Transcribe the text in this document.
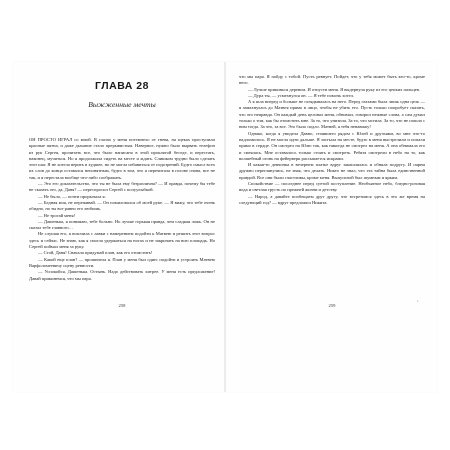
ГЛАВА 28
Выжженные мечты

ОН ПРОСТО ИГРАЛ со мной. В глазах у меня потемнело от гнева, на щеках проступили красные пятна, и даже дыхание стало прерывистым. Наверное, нужно было вырвать телефон из рук Сергея, прочитать все, что было написано в этой проклятой беседе, и перестать, наконец, мучиться. Но я продолжила сидеть на месте и ждать. Слишком трудно было сделать этот шаг. Я не хотела верить в худшее, но не могла избавиться от подозрений. Будто смысл всех их слов до конца оставался непонятным, будто в том, что я перечитала в голове снова, все не так, и я перестала вообще что-либо соображать.

— Это его доказательство, что ты не была ему безразлична? — И правда, почему бы тебе не сказать это, да, Даня? — переспросил Сергей с полуулыбкой.

— Не было, — почти прорычала я.

— Бедная моя, не переживай. — Он помиловался об моей руке. — Я вижу, что тебе очень обидно, но ты все равно его любишь.

— Не трогай меня!

— Дашенька, я понимаю, тебе больно. Но лучше горькая правда, чем сладкая ложь. Он не сказал тебе главного…

Не слушая его, я вскочила с лавки с намерением подойти к Матвею и решить этот вопрос здесь и сейчас. Не знаю, как я смогла удержаться на ногах и не закричать на всю площадь. Но Сергей поймал меня за руку.

— Стой, Даня! Сначала придумай план, как его отомстить!

— Какой еще план? — прошипела я. План у меня был один: подойти и устроить Матвею Варфоломеевичу сцену ревности.

— Успокойся, Дашенька. Остынь. Надо действовать хитрее. У меня есть предложение! Давай прикинемся, что мы пара.

258

что мы пара. Я пойду с тобой. Пусть ревнует. Пойдет, что у тебя может быть кто-то, кроме него.

— Лучше прикинься деревом. И отпусти меня. Я выдернула руку из его цепких пальцев.

— Дура ты, — усмехнулся он. — Я тебе помочь хотел.

А я шла вперед и больше не оглядывалась на него. Перед глазами была лишь одна цель — я замахнулась до Матвея прямо в лицо, чтобы не убить его. Пусть только попробует сказать, что это неправда. Он каждый день целовал меня, обнимал, говорил нежные слова, а сам думал только о том, как бы отомстить мне. За то, что унизила. За то, что мстила. За то, что не пошла с ним тогда. За что, за все. Это было подло. Матвей, я тебя ненавижу!

Однако, когда я увидела Давно, стоявшего рядом с Юлей и друзьями, во мне что-то надломилось. Я не могла идти дальше. Я застыла на месте, будто в меня выстрелили и попали прямо в сердце. Он смотрел на Юлю так, как никогда не смотрел на меня. А она обнимала его и смеялась. Мне оставалось только стоять и смотреть. Ребята смотрели в небо на то, как волшебный огонь на фейерверк рассыпается искрами.

И какая-то девчонка в вечернем платье вдруг закашлялась и обняла подругу. И парни дружно переглянулись, не зная, что делать. Никто не знал, что эта тайна была единственной правдой. Все они были счастливы, кроме меня. Выпускной был шумным и ярким.

Спокойствие — последнее перед суетой поступление. Необъятное небо, бледно-розовая вода и светлая грусть по прежней жизни и детству.

— Народ, а давайте пообещаем друг другу, что встретимся здесь в это же время на следующий год? — вдруг предложил Никита.

259
›
